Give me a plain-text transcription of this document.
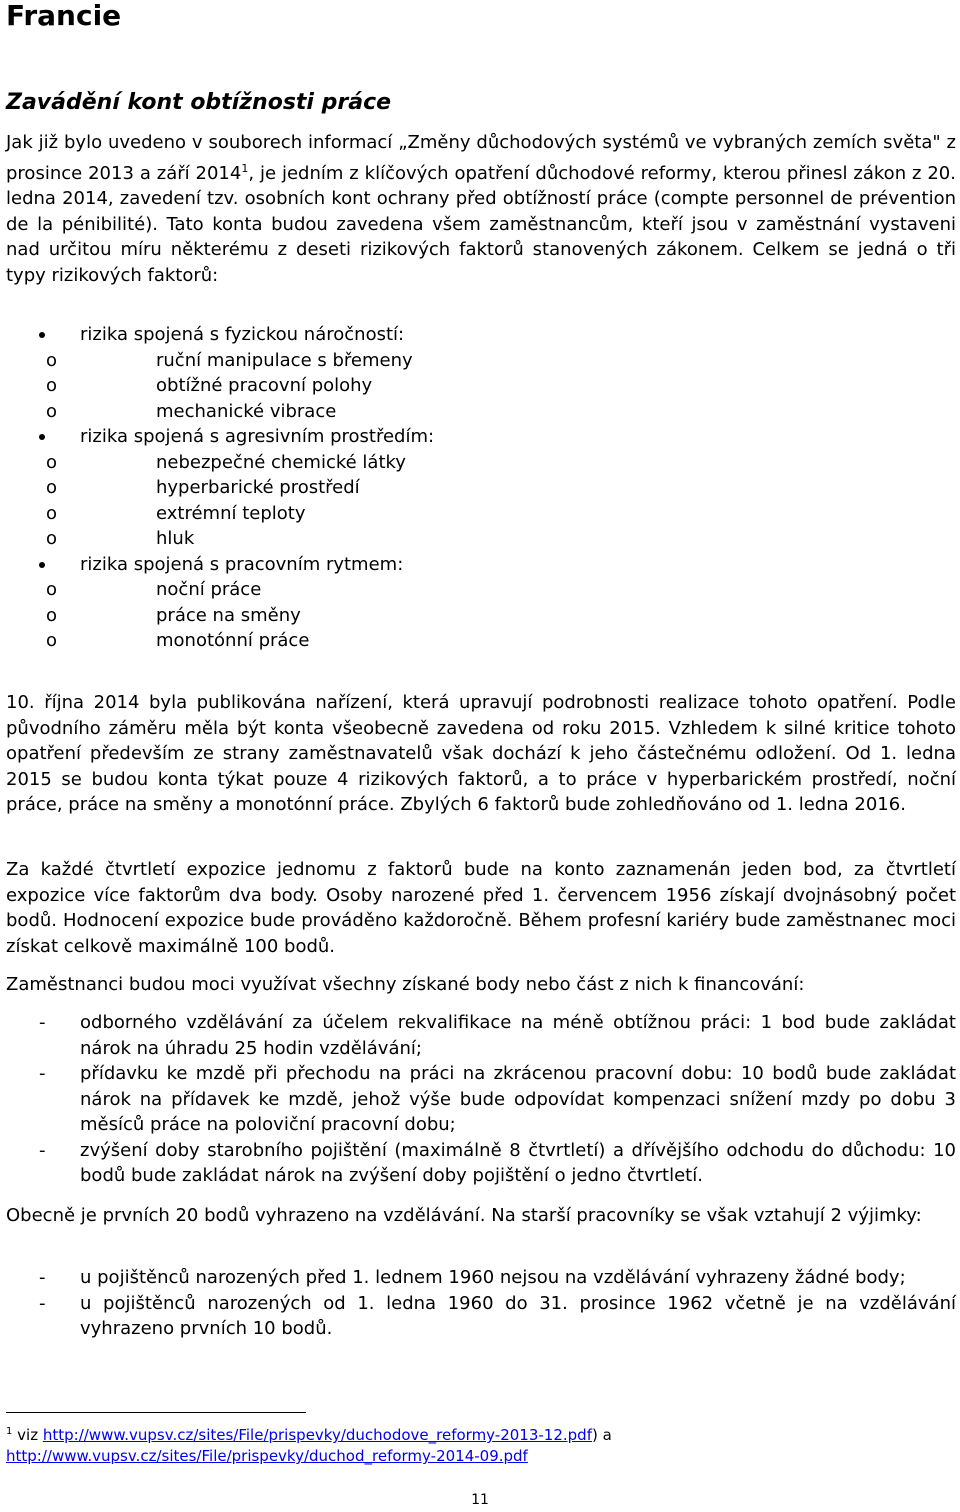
Francie
Zavádění kont obtížnosti práce

Jak již bylo uvedeno v souborech informací „Změny důchodových systémů ve vybraných zemích světa" z prosince 2013 a září 2014$^1$, je jedním z klíčových opatření důchodové reformy, kterou přinesl zákon z 20. ledna 2014, zavedení tzv. osobních kont ochrany před obtížností práce (compte personnel de prévention de la pénibilité). Tato konta budou zavedena všem zaměstnancům, kteří jsou v zaměstnání vystaveni nad určitou míru některému z deseti rizikových faktorů stanovených zákonem. Celkem se jedná o tři typy rizikových faktorů:

rizika spojená s fyzickou náročností:
o ruční manipulace s břemeny
o obtížné pracovní polohy
o mechanické vibrace
rizika spojená s agresivním prostředím:
o nebezpečné chemické látky
o hyperbarické prostředí
o extrémní teploty
o hluk
rizika spojená s pracovním rytmem:
o noční práce
o práce na směny
o monotónní práce

10. října 2014 byla publikována nařízení, která upravují podrobnosti realizace tohoto opatření. Podle původního záměru měla být konta všeobecně zavedena od roku 2015. Vzhledem k silné kritice tohoto opatření především ze strany zaměstnavatelů však dochází k jeho částečnému odložení. Od 1. ledna 2015 se budou konta týkat pouze 4 rizikových faktorů, a to práce v hyperbarickém prostředí, noční práce, práce na směny a monotónní práce. Zbylých 6 faktorů bude zohledňováno od 1. ledna 2016.

Za každé čtvrtletí expozice jednomu z faktorů bude na konto zaznamenán jeden bod, za čtvrtletí expozice více faktorům dva body. Osoby narozené před 1. červencem 1956 získají dvojnásobný počet bodů. Hodnocení expozice bude prováděno každoročně. Během profesní kariéry bude zaměstnanec moci získat celkově maximálně 100 bodů.

Zaměstnanci budou moci využívat všechny získané body nebo část z nich k financování:

- odborného vzdělávání za účelem rekvalifikace na méně obtížnou práci: 1 bod bude zakládat nárok na úhradu 25 hodin vzdělávání;
- přídavku ke mzdě při přechodu na práci na zkrácenou pracovní dobu: 10 bodů bude zakládat nárok na přídavek ke mzdě, jehož výše bude odpovídat kompenzaci snížení mzdy po dobu 3 měsíců práce na poloviční pracovní dobu;
- zvýšení doby starobního pojištění (maximálně 8 čtvrtletí) a dřívějšího odchodu do důchodu: 10 bodů bude zakládat nárok na zvýšení doby pojištění o jedno čtvrtletí.

Obecně je prvních 20 bodů vyhrazeno na vzdělávání. Na starší pracovníky se však vztahují 2 výjimky:

- u pojištěnců narozených před 1. lednem 1960 nejsou na vzdělávání vyhrazeny žádné body;
- u pojištěnců narozených od 1. ledna 1960 do 31. prosince 1962 včetně je na vzdělávání vyhrazeno prvních 10 bodů.
$^1$ viz http://www.vupsv.cz/sites/File/prispevky/duchodove_reformy-2013-12.pdf) a
http://www.vupsv.cz/sites/File/prispevky/duchod_reformy-2014-09.pdf
11
